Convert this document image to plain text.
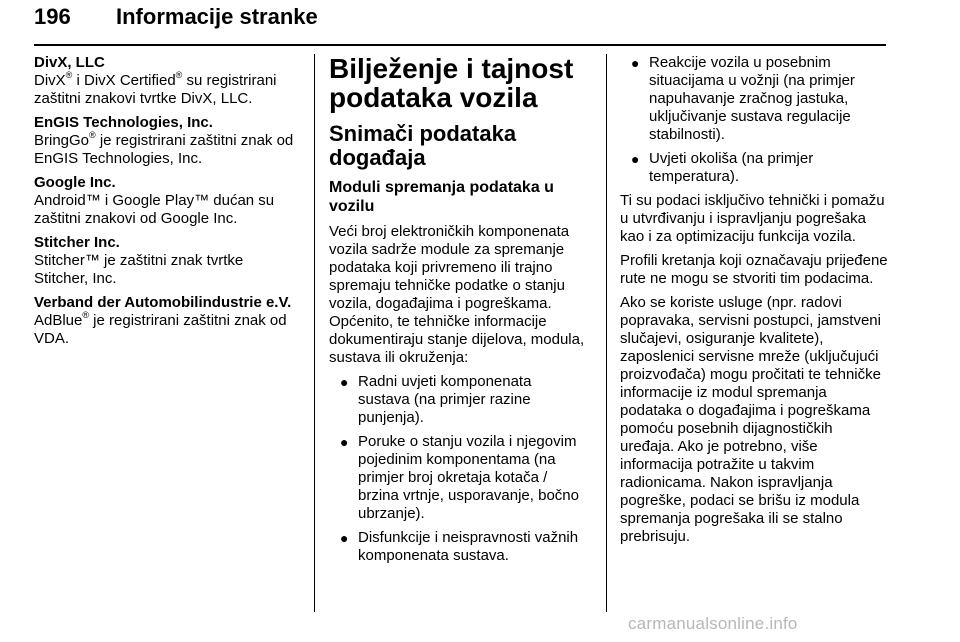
196 Informacije stranke
DivX, LLC
DivX® i DivX Certified® su registrirani zaštitni znakovi tvrtke DivX, LLC.
EnGIS Technologies, Inc.
BringGo® je registrirani zaštitni znak od EnGIS Technologies, Inc.
Google Inc.
Android™ i Google Play™ dućan su zaštitni znakovi od Google Inc.
Stitcher Inc.
Stitcher™ je zaštitni znak tvrtke Stitcher, Inc.
Verband der Automobilindustrie e.V.
AdBlue® je registrirani zaštitni znak od VDA.
Bilježenje i tajnost podataka vozila
Snimači podataka događaja
Moduli spremanja podataka u vozilu

Veći broj elektroničkih komponenata vozila sadrže module za spremanje podataka koji privremeno ili trajno spremaju tehničke podatke o stanju vozila, događajima i pogreškama. Općenito, te tehničke informacije dokumentiraju stanje dijelova, modula, sustava ili okruženja:

● Radni uvjeti komponenata sustava (na primjer razine punjenja).
● Poruke o stanju vozila i njegovim pojedinim komponentama (na primjer broj okretaja kotača / brzina vrtnje, usporavanje, bočno ubrzanje).
● Disfunkcije i neispravnosti važnih komponenata sustava.
● Reakcije vozila u posebnim situacijama u vožnji (na primjer napuhavanje zračnog jastuka, uključivanje sustava regulacije stabilnosti).
● Uvjeti okoliša (na primjer temperatura).

Ti su podaci isključivo tehnički i pomažu u utvrđivanju i ispravljanju pogrešaka kao i za optimizaciju funkcija vozila.

Profili kretanja koji označavaju prijeđene rute ne mogu se stvoriti tim podacima.

Ako se koriste usluge (npr. radovi popravaka, servisni postupci, jamstveni slučajevi, osiguranje kvalitete), zaposlenici servisne mreže (uključujući proizvođača) mogu pročitati te tehničke informacije iz modul spremanja podataka o događajima i pogreškama pomoću posebnih dijagnostičkih uređaja. Ako je potrebno, više informacija potražite u takvim radionicama. Nakon ispravljanja pogreške, podaci se brišu iz modula spremanja pogrešaka ili se stalno prebrisuju.

carmanualsonline.info
